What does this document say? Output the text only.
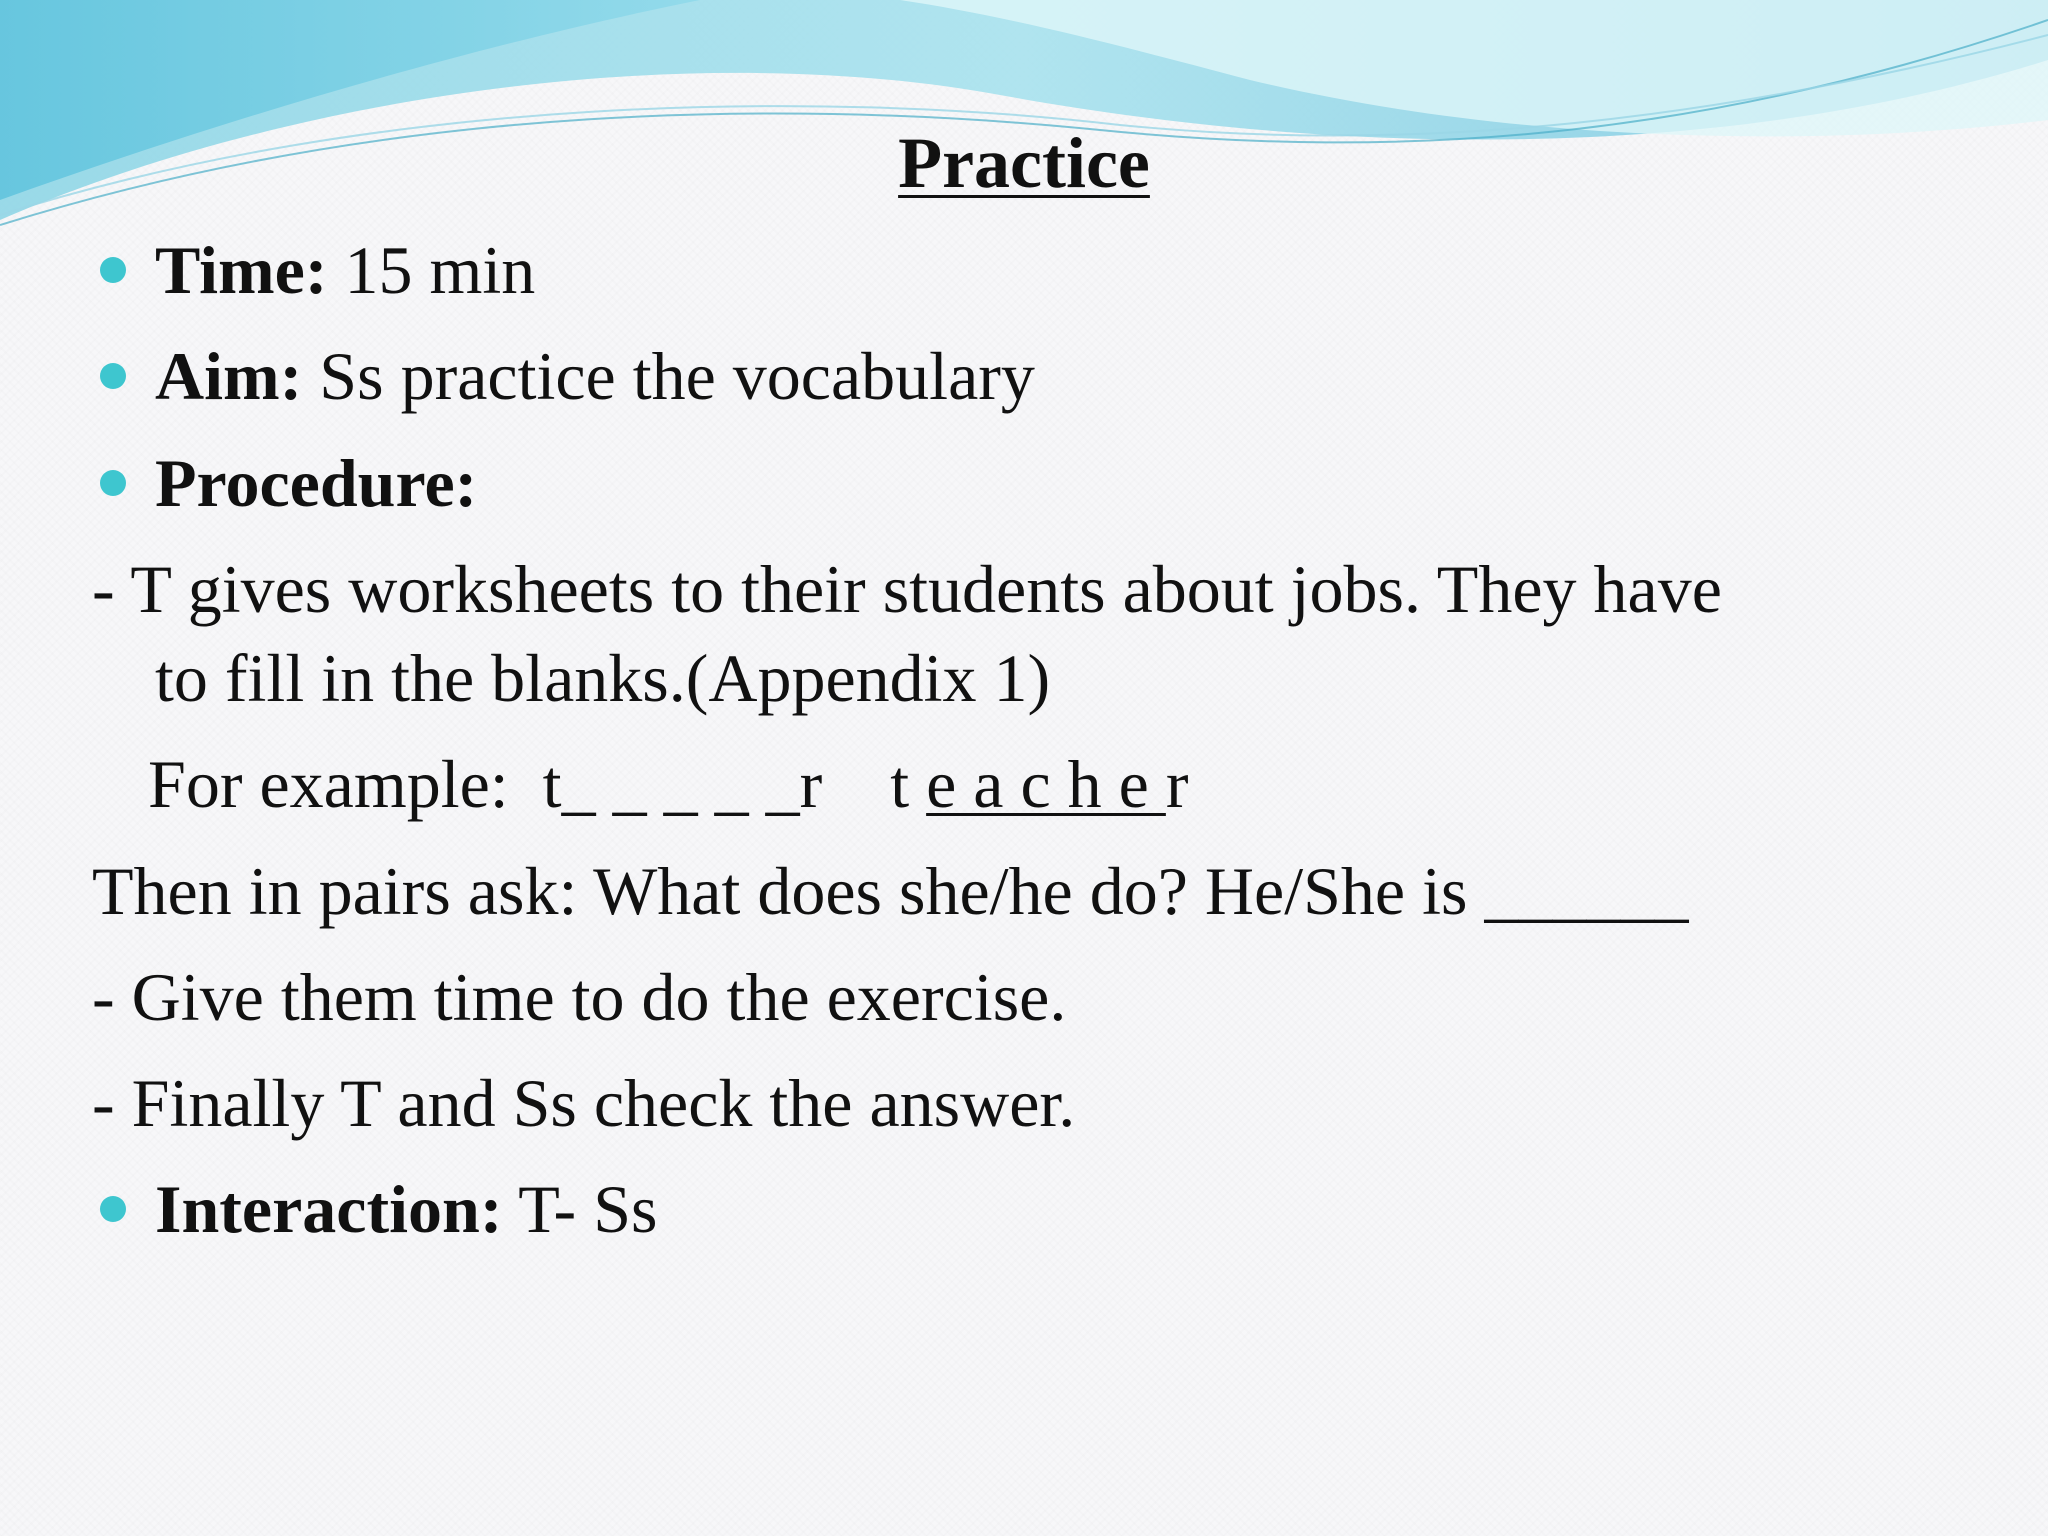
Practice
Time: 15 min
Aim: Ss practice the vocabulary
Procedure:
- T gives worksheets to their students about jobs. They have
to fill in the blanks.(Appendix 1)
For example:  t_ _ _ _ _r    t e a c h e r
Then in pairs ask: What does she/he do? He/She is ______
- Give them time to do the exercise.
- Finally T and Ss check the answer.
Interaction: T- Ss
